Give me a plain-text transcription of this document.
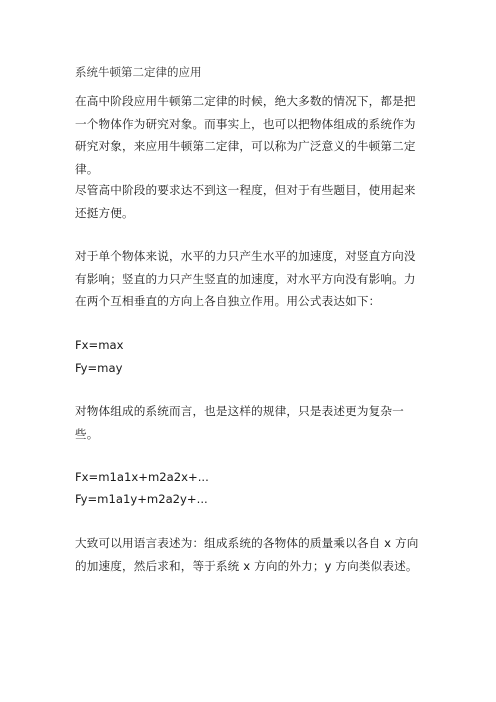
系统牛顿第二定律的应用
在高中阶段应用牛顿第二定律的时候，绝大多数的情况下，都是把
一个物体作为研究对象。而事实上，也可以把物体组成的系统作为
研究对象，来应用牛顿第二定律，可以称为广泛意义的牛顿第二定
律。
尽管高中阶段的要求达不到这一程度，但对于有些题目，使用起来
还挺方便。
对于单个物体来说，水平的力只产生水平的加速度，对竖直方向没
有影响；竖直的力只产生竖直的加速度，对水平方向没有影响。力
在两个互相垂直的方向上各自独立作用。用公式表达如下：
Fx=max
Fy=may
对物体组成的系统而言，也是这样的规律，只是表述更为复杂一
些。
Fx=m1a1x+m2a2x+...
Fy=m1a1y+m2a2y+...
大致可以用语言表述为：组成系统的各物体的质量乘以各自 x 方向
的加速度，然后求和，等于系统 x 方向的外力；y 方向类似表述。
